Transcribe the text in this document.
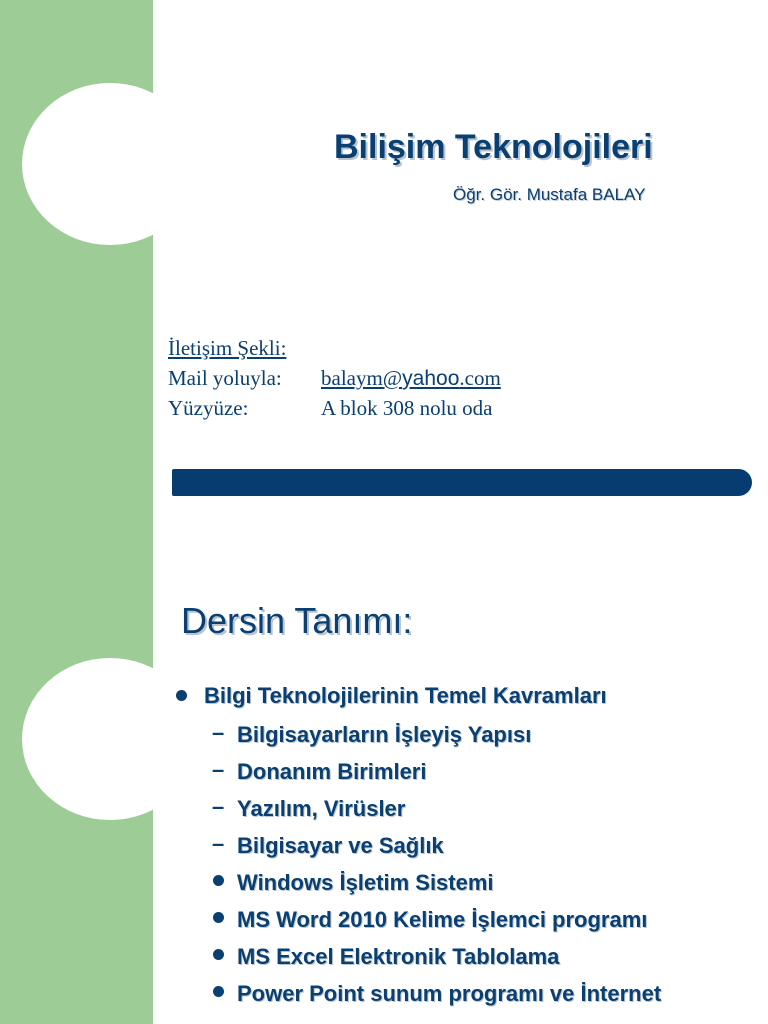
Bilişim Teknolojileri
Öğr. Gör. Mustafa BALAY
İletişim Şekli:
Mail yoluyla: balaym@yahoo.com
Yüzyüze:	A blok 308 nolu oda
Dersin Tanımı:
Bilgi Teknolojilerinin Temel Kavramları
– Bilgisayarların İşleyiş Yapısı
– Donanım Birimleri
– Yazılım, Virüsler
– Bilgisayar ve Sağlık
Windows İşletim Sistemi
MS Word 2010 Kelime İşlemci programı
MS Excel Elektronik Tablolama
Power Point sunum programı ve İnternet
